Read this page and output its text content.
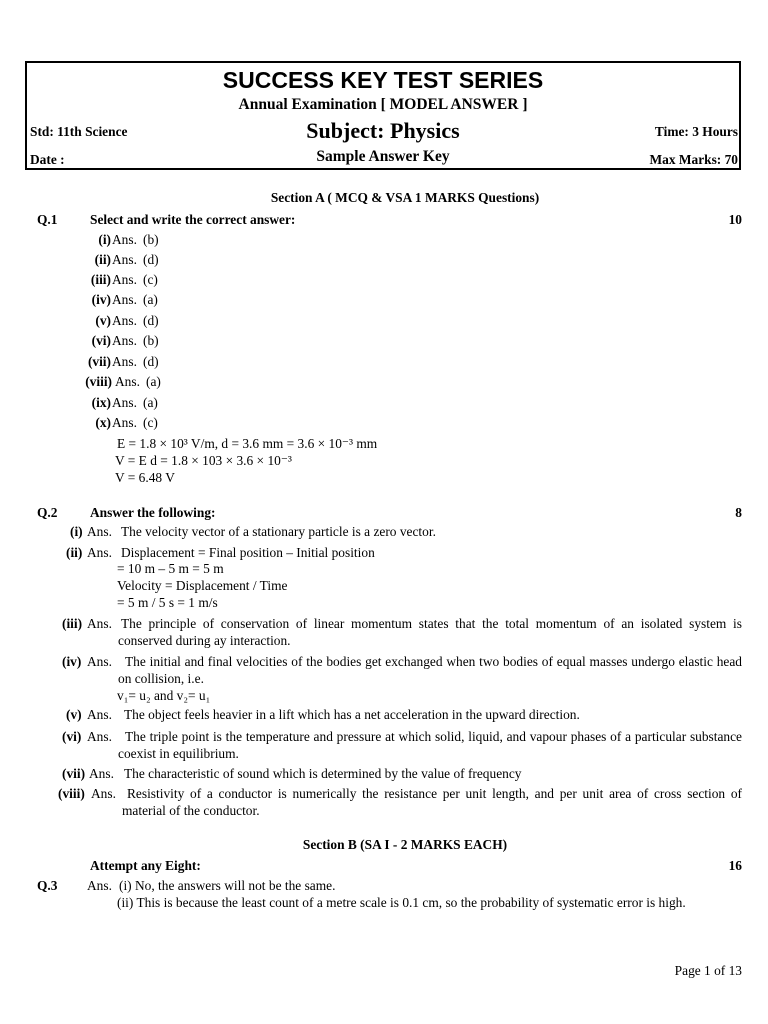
SUCCESS KEY TEST SERIES
Annual Examination [ MODEL ANSWER ]
Subject: Physics
Sample Answer Key
Std: 11th Science
Date :
Time: 3 Hours
Max Marks: 70
Section A ( MCQ & VSA 1 MARKS Questions)
Q.1 Select and write the correct answer:	10
(i) Ans. (b)
(ii) Ans. (d)
(iii) Ans. (c)
(iv) Ans. (a)
(v) Ans. (d)
(vi) Ans. (b)
(vii) Ans. (d)
(viii) Ans. (a)
(ix) Ans. (a)
(x) Ans. (c)
E = 1.8 × 10³ V/m, d = 3.6 mm = 3.6 × 10⁻³ mm
V = E d = 1.8 × 103 × 3.6 × 10⁻³
V = 6.48 V
Q.2 Answer the following:	8
(i) Ans. The velocity vector of a stationary particle is a zero vector.
(ii) Ans. Displacement = Final position – Initial position
= 10 m – 5 m = 5 m
Velocity = Displacement / Time
= 5 m / 5 s = 1 m/s
(iii) Ans. The principle of conservation of linear momentum states that the total momentum of an isolated system is conserved during ay interaction.
(iv) Ans. The initial and final velocities of the bodies get exchanged when two bodies of equal masses undergo elastic head on collision, i.e.
v₁= u₂ and v₂= u₁
(v) Ans. The object feels heavier in a lift which has a net acceleration in the upward direction.
(vi) Ans. The triple point is the temperature and pressure at which solid, liquid, and vapour phases of a particular substance coexist in equilibrium.
(vii) Ans. The characteristic of sound which is determined by the value of frequency
(viii) Ans. Resistivity of a conductor is numerically the resistance per unit length, and per unit area of cross section of material of the conductor.
Section B (SA I - 2 MARKS EACH)
Attempt any Eight:	16
Q.3 Ans. (i) No, the answers will not be the same.
(ii) This is because the least count of a metre scale is 0.1 cm, so the probability of systematic error is high.
Page 1 of 13
